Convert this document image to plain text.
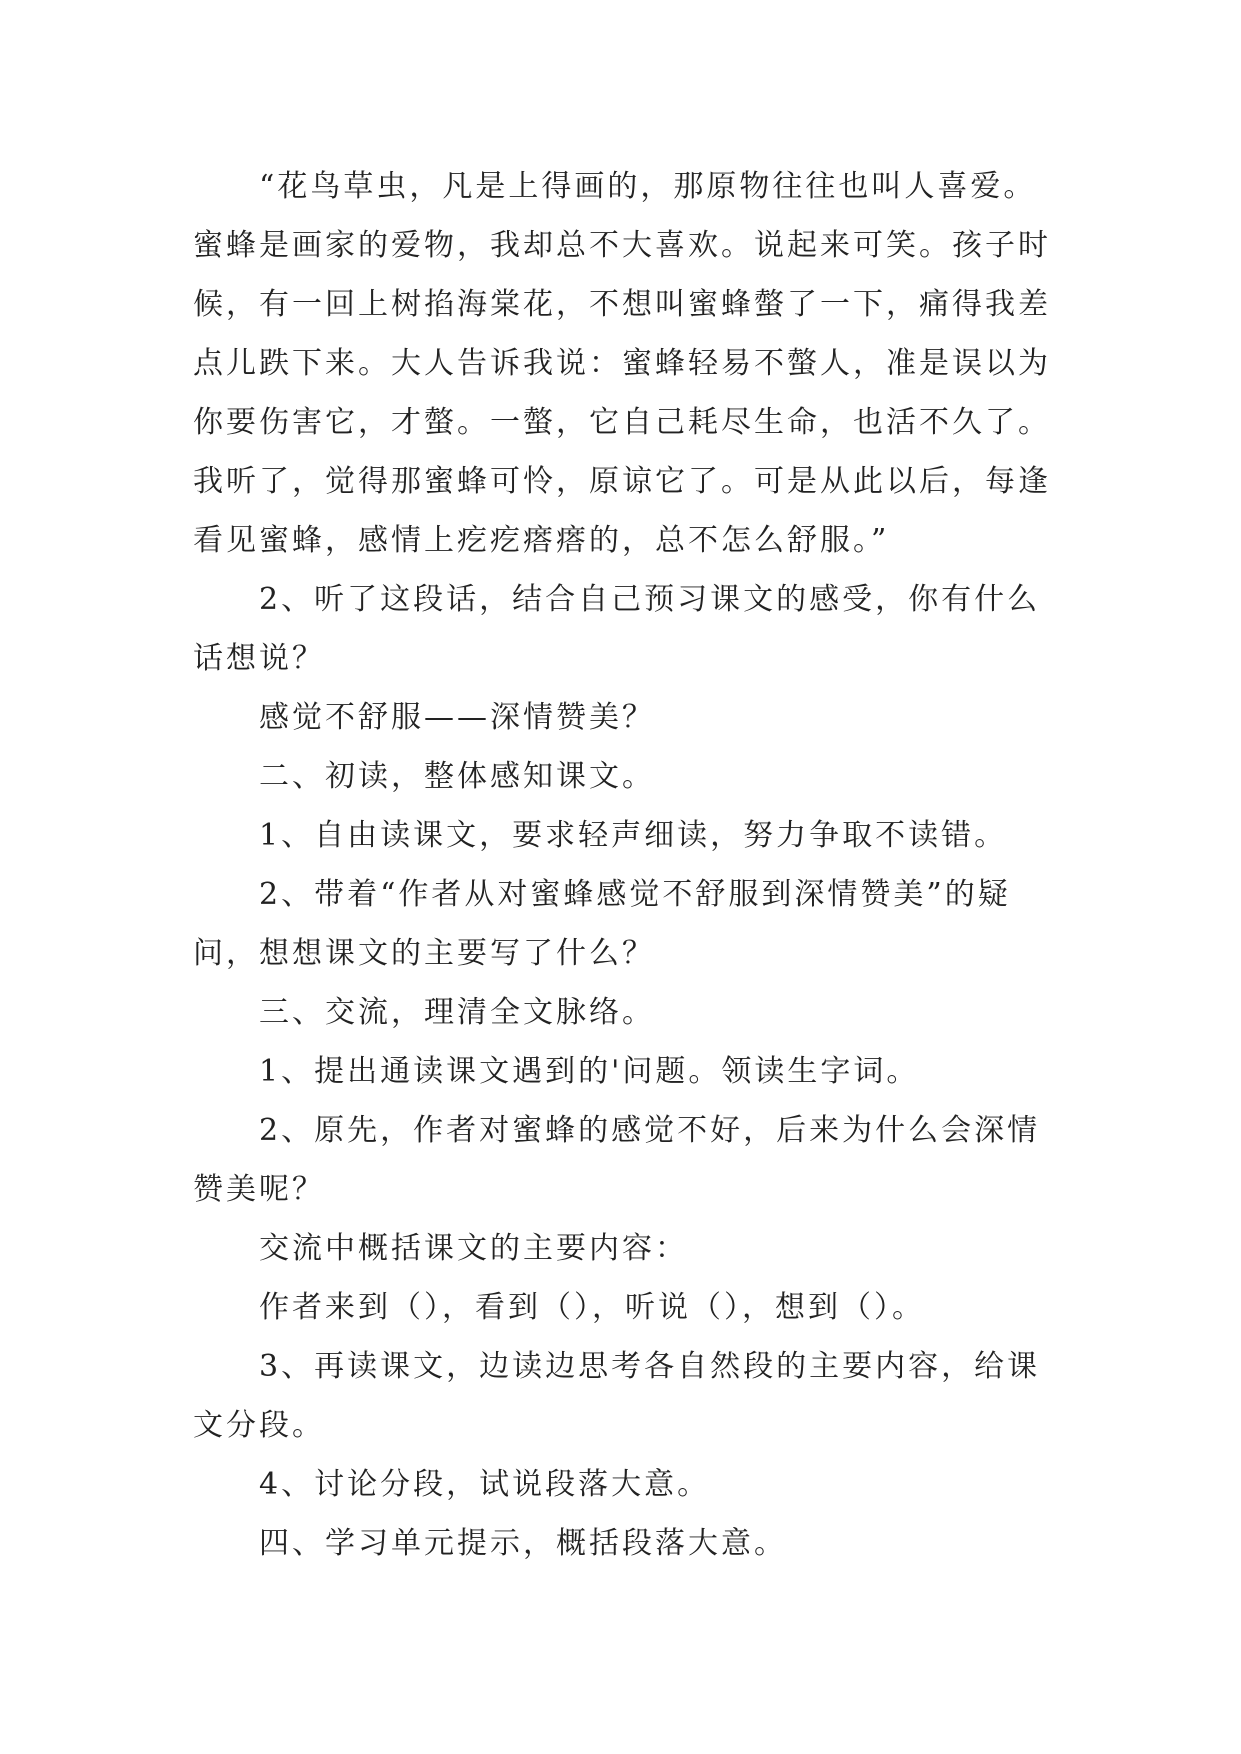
“花鸟草虫，凡是上得画的，那原物往往也叫人喜爱。蜜蜂是画家的爱物，我却总不大喜欢。说起来可笑。孩子时候，有一回上树掐海棠花，不想叫蜜蜂螫了一下，痛得我差点儿跌下来。大人告诉我说：蜜蜂轻易不螫人，准是误以为你要伤害它，才螫。一螫，它自己耗尽生命，也活不久了。我听了，觉得那蜜蜂可怜，原谅它了。可是从此以后，每逢看见蜜蜂，感情上疙疙瘩瘩的，总不怎么舒服。”

2、听了这段话，结合自己预习课文的感受，你有什么话想说？

感觉不舒服——深情赞美？

二、初读，整体感知课文。

1、自由读课文，要求轻声细读，努力争取不读错。

2、带着“作者从对蜜蜂感觉不舒服到深情赞美”的疑问，想想课文的主要写了什么？

三、交流，理清全文脉络。

1、提出通读课文遇到的'问题。领读生字词。

2、原先，作者对蜜蜂的感觉不好，后来为什么会深情赞美呢？

交流中概括课文的主要内容：

作者来到（），看到（），听说（），想到（）。

3、再读课文，边读边思考各自然段的主要内容，给课文分段。

4、讨论分段，试说段落大意。

四、学习单元提示，概括段落大意。
